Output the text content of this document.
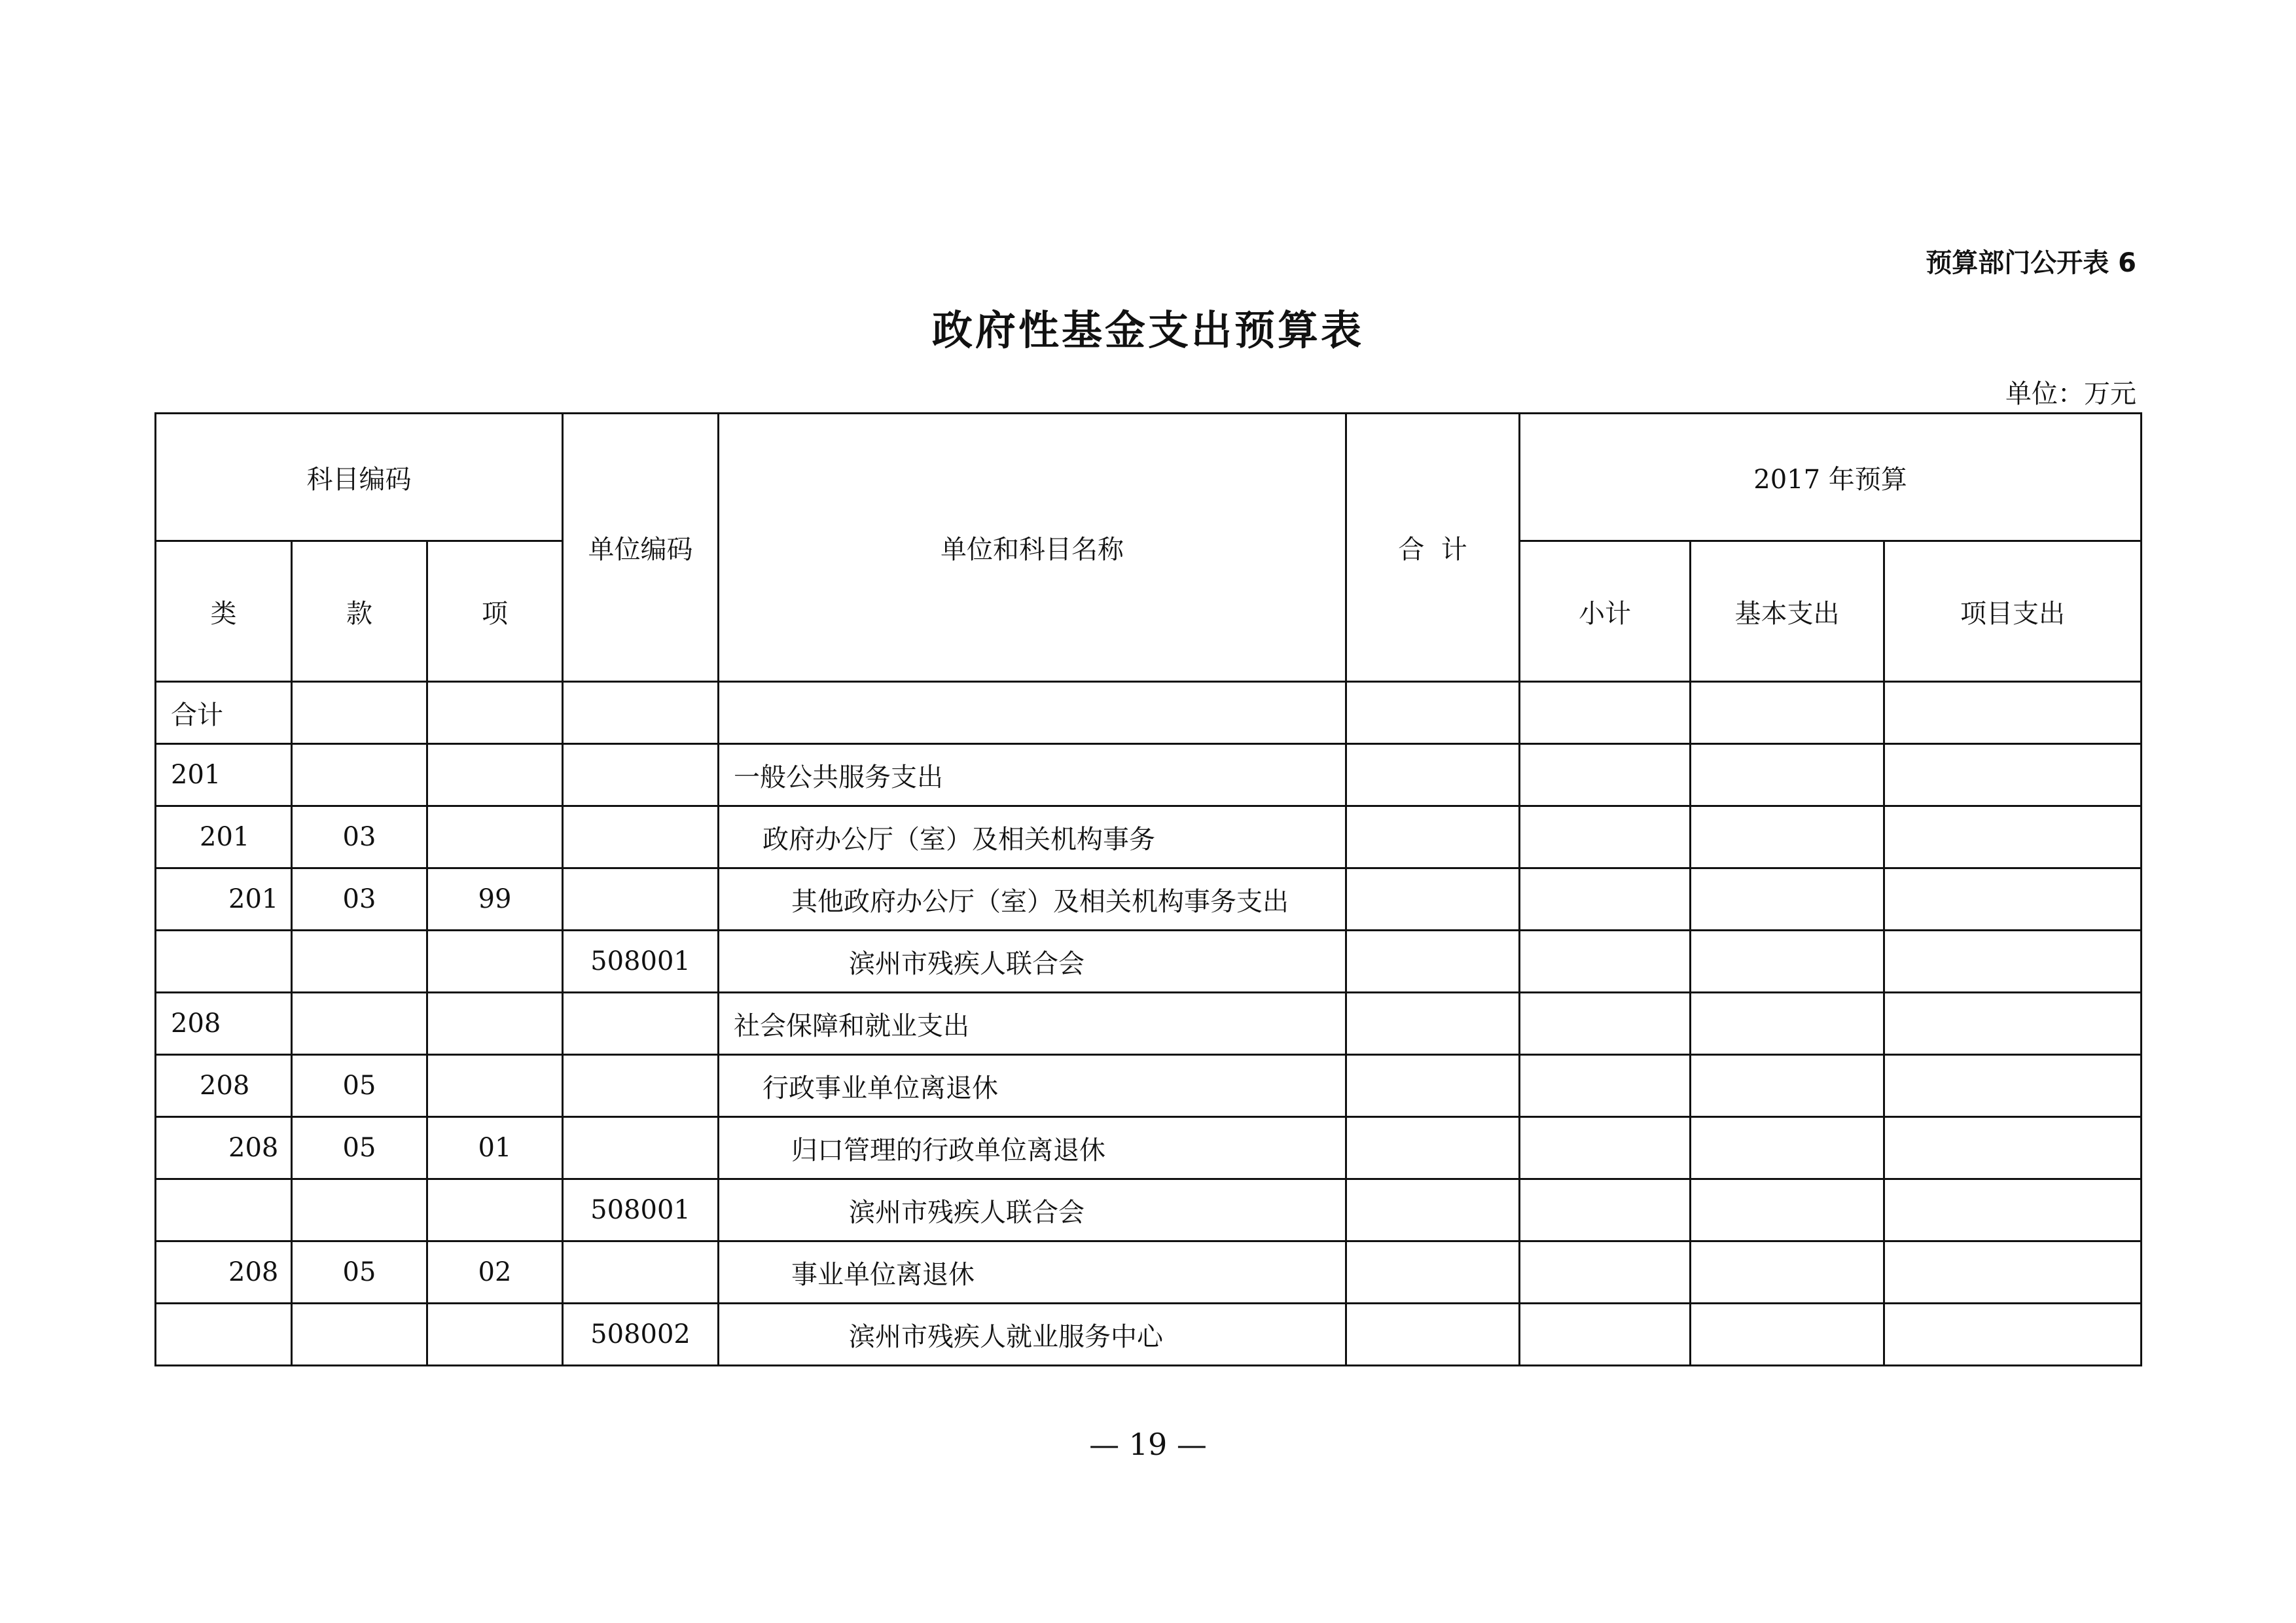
预算部门公开表 6
政府性基金支出预算表
单位：万元
科目编码			单位编码	单位和科目名称	合  计	2017 年预算		
类	款	项				小计	基本支出	项目支出
合计								
201				一般公共服务支出				
201	03			政府办公厅（室）及相关机构事务				
201	03	99		其他政府办公厅（室）及相关机构事务支出				
			508001	滨州市残疾人联合会				
208				社会保障和就业支出				
208	05			行政事业单位离退休				
208	05	01		归口管理的行政单位离退休				
			508001	滨州市残疾人联合会				
208	05	02		事业单位离退休				
			508002	滨州市残疾人就业服务中心				
— 19 —
